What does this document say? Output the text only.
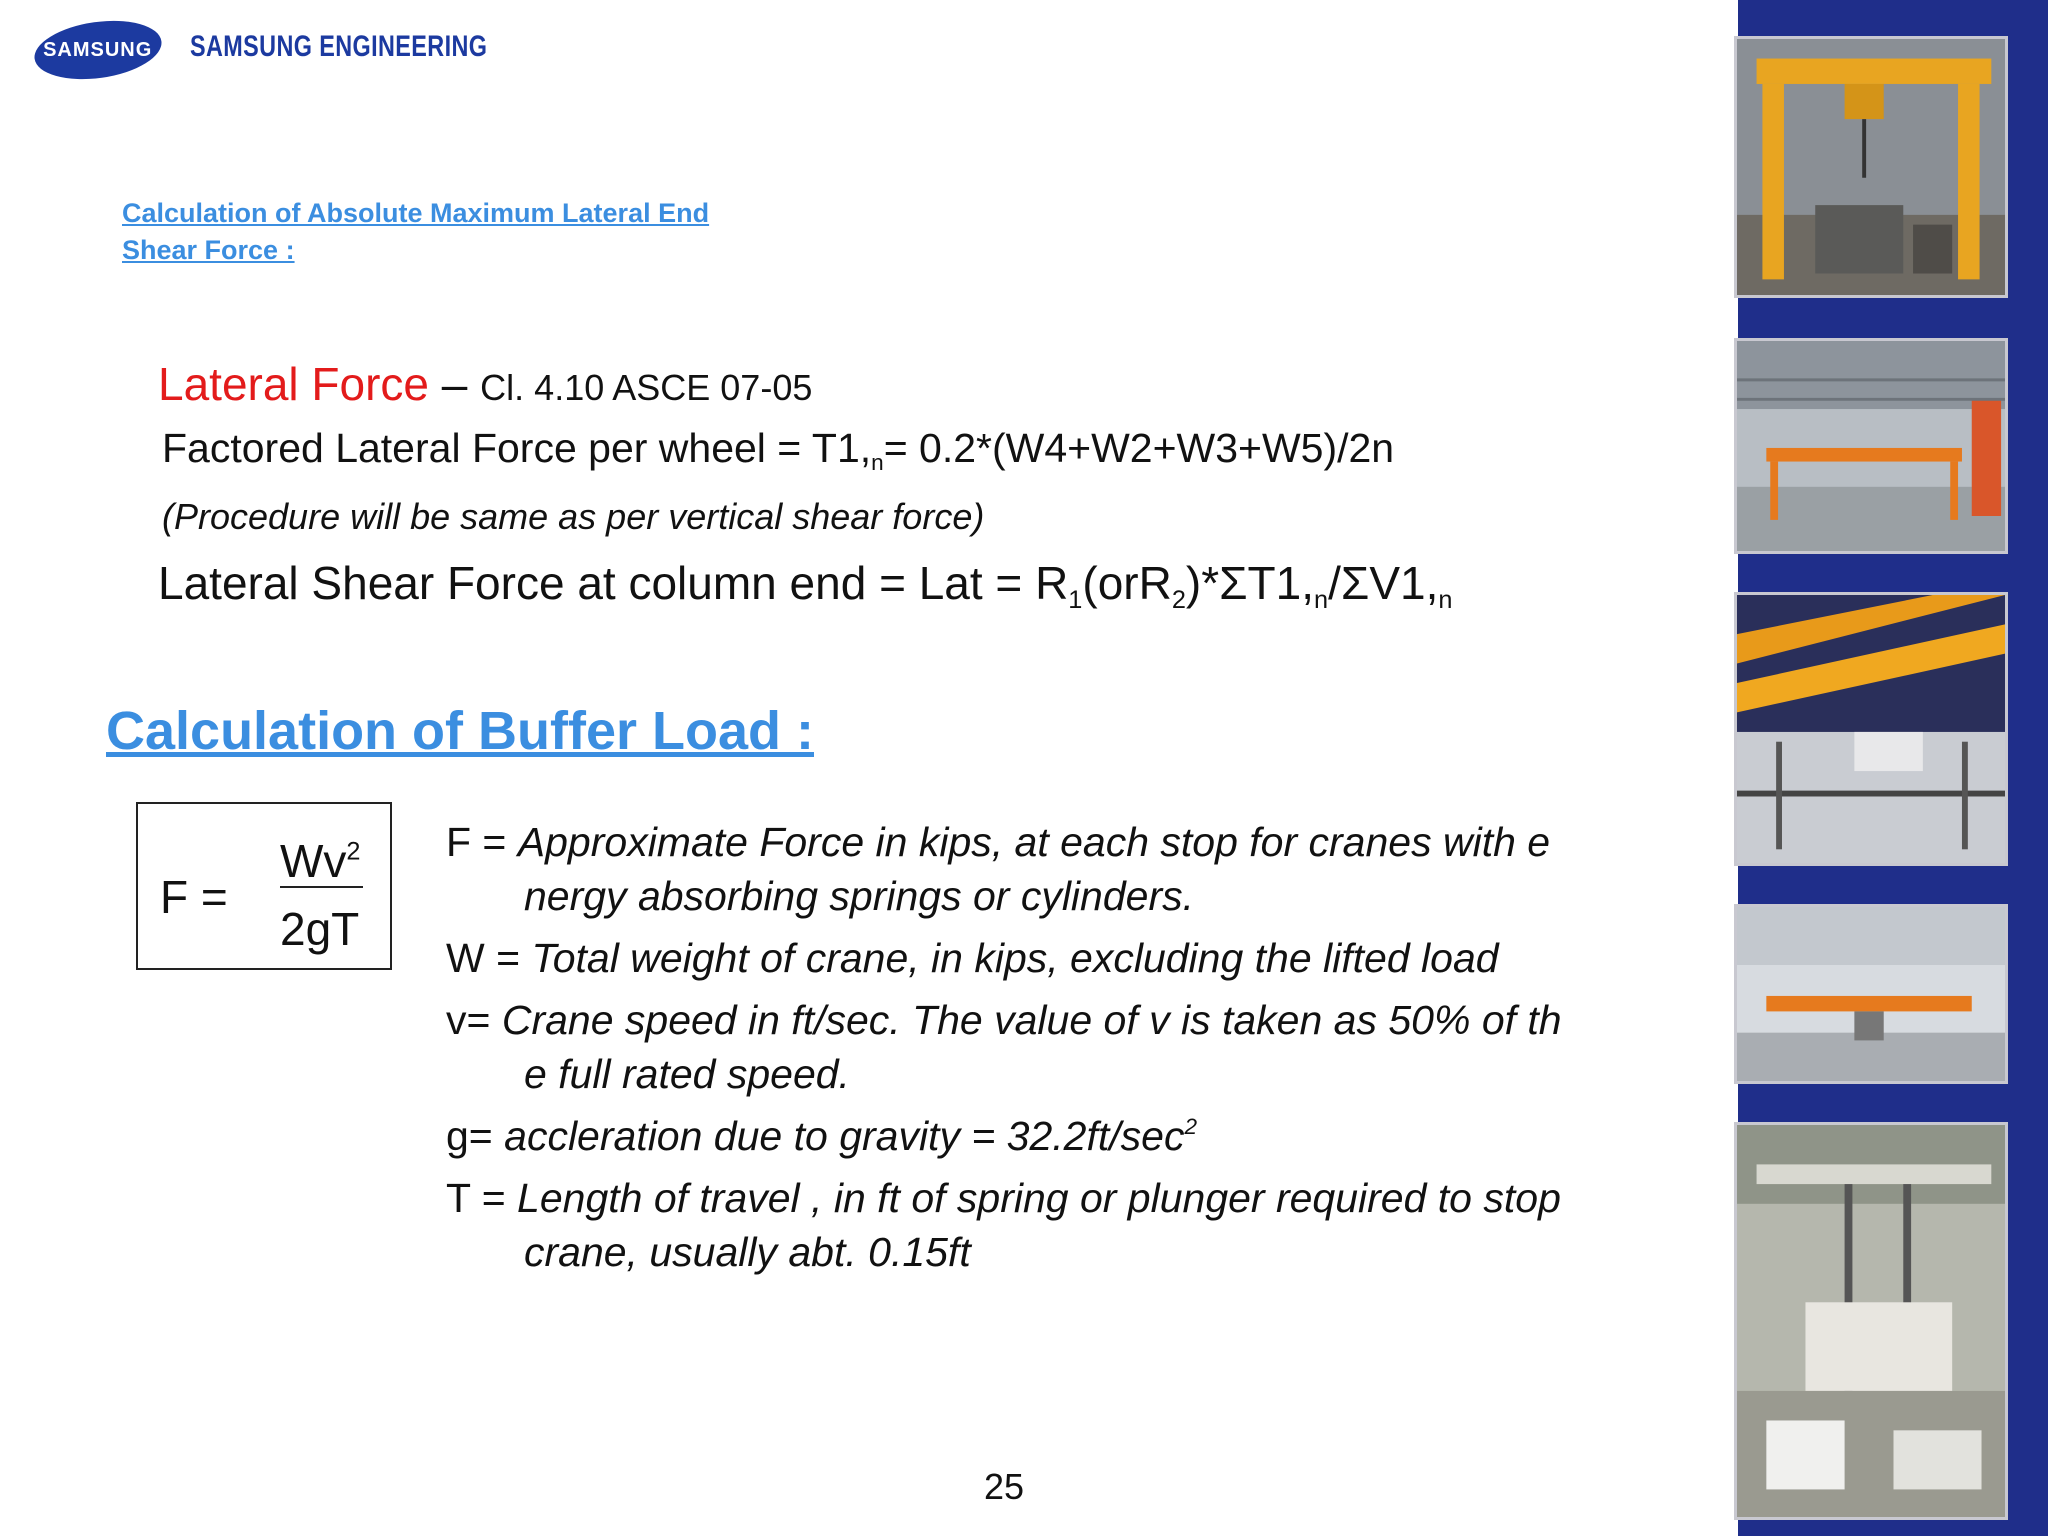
SAMSUNG SAMSUNG ENGINEERING
Calculation of Absolute Maximum Lateral End
Shear Force :
Lateral Force – Cl. 4.10 ASCE 07-05
Factored Lateral Force per wheel = $T1,_n= 0.2*(W4+W2+W3+W5)/2n$
(Procedure will be same as per vertical shear force)
Lateral Shear Force at column end = Lat = $R_1(orR_2)*\Sigma T1,_n/\Sigma V1,_n$
Calculation of Buffer Load :
F =
$Wv^2$
2gT
F = Approximate Force in kips, at each stop for cranes with e
nergy absorbing springs or cylinders.
W = Total weight of crane, in kips, excluding the lifted load
v= Crane speed in ft/sec. The value of v is taken as 50% of th
e full rated speed.
g= accleration due to gravity = $32.2ft/\sec^2$
T = Length of travel , in ft of spring or plunger required to stop
crane, usually abt. 0.15ft
25
